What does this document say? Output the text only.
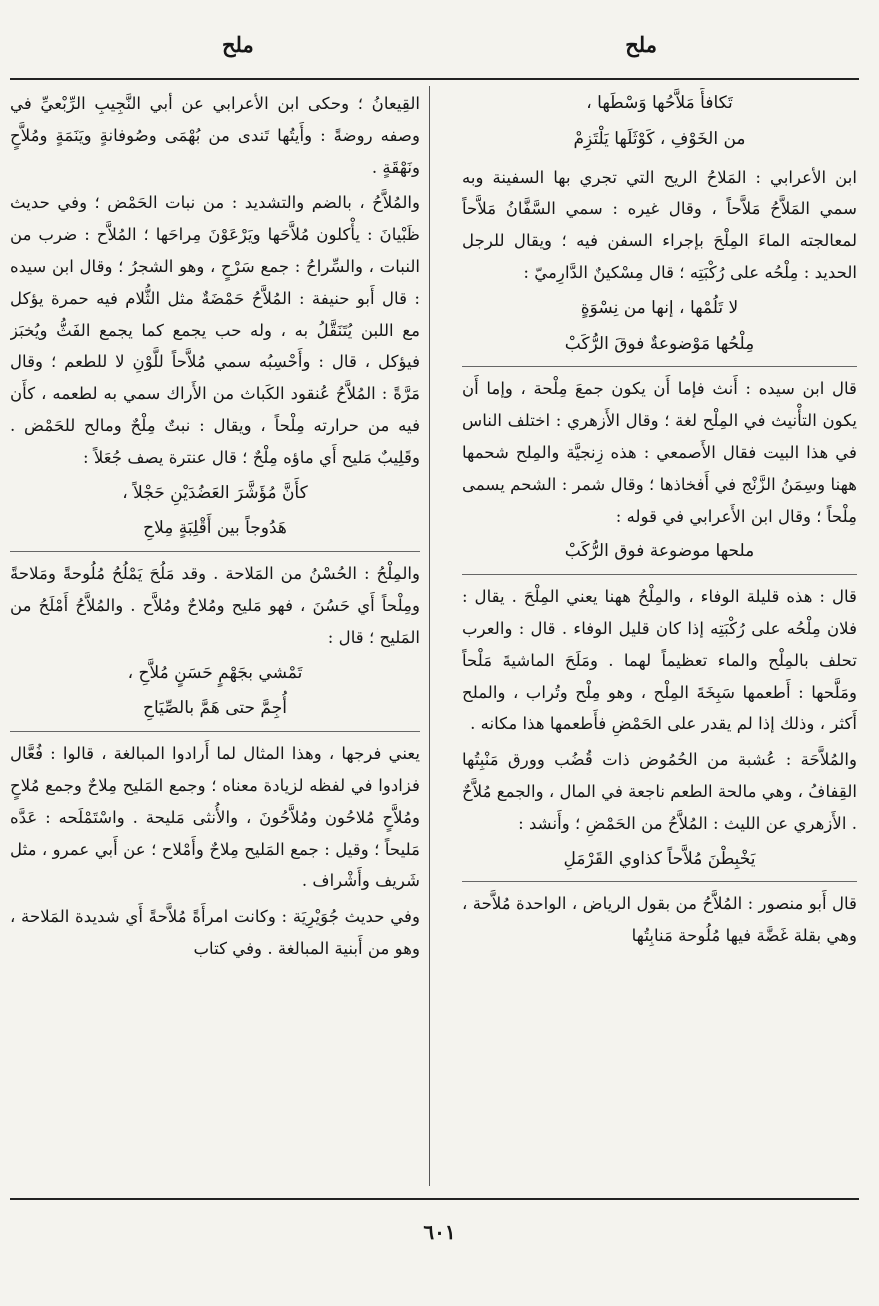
ملح
ملح

تَكافأً مَلاَّحُها وَسْطَها ،

من الخَوْفِ ، كَوْثَلَها يَلْتَزِمْ

ابن الأعرابي : المَلاحُ الريح التي تجري بها السفينة وبه سمي المَلاَّحُ مَلاَّحاً ، وقال غيره : سمي السَّفَّانُ مَلاَّحاً لمعالجته الماءَ المِلْحَ بإجراء السفن فيه ؛ ويقال للرجل الحديد : مِلْحُه على رُكْبَتِه ؛ قال مِسْكينٌ الدَّارِميّ :

لا تَلُمْها ، إنها من نِسْوَةٍ

مِلْحُها مَوْضوعةٌ فوقَ الرُّكَبْ

قال ابن سيده : أَنث فإما أَن يكون جمعَ مِلْحة ، وإما أَن يكون التأْنيث في المِلْح لغة ؛ وقال الأَزهري : اختلف الناس في هذا البيت فقال الأَصمعي : هذه زِنجيَّة والمِلح شحمها ههنا وسِمَنُ الزَّنْج في أَفخاذها ؛ وقال شمر : الشحم يسمى مِلْحاً ؛ وقال ابن الأَعرابي في قوله :

ملحها موضوعة فوق الرُّكَبْ

قال : هذه قليلة الوفاء ، والمِلْحُ ههنا يعني المِلْحَ . يقال : فلان مِلْحُه على رُكْبَتِه إذا كان قليل الوفاء . قال : والعرب تحلف بالمِلْح والماء تعظيماً لهما . ومَلَحَ الماشيةَ مَلْحاً ومَلَّحها : أَطعمها سَبِخَةَ المِلْح ، وهو مِلْح وتُراب ، والملح أَكثر ، وذلك إذا لم يقدر على الحَمْضِ فأَطعمها هذا مكانه .

والمُلاَّحَة : عُشبة من الحُمُوض ذات قُضُب وورق مَنْبِتُها القِفافُ ، وهي مالحة الطعم ناجعة في المال ، والجمع مُلاَّحٌ . الأَزهري عن الليث : المُلاَّحُ من الحَمْضِ ؛ وأَنشد :

يَخْبِطْنَ مُلاَّحاً كذاوي القَرْمَلِ

قال أَبو منصور : المُلاَّحُ من بقول الرياض ، الواحدة مُلاَّحة ، وهي بقلة غَضَّة فيها مُلُوحة مَنابِتُها

القِيعانُ ؛ وحكى ابن الأعرابي عن أبي النَّجِيبِ الرِّبْعيِّ في وصفه روضةً : وأَيتُها تَندى من بُهْمَى وصُوفانةٍ ويَنَمَةٍ ومُلاَّحٍ ونَهْقَةٍ .

والمُلاَّحُ ، بالضم والتشديد : من نبات الحَمْض ؛ وفي حديث ظَبْيانَ : يأْكلون مُلاَّحَها ويَرْعَوْنَ مِراحَها ؛ المُلاَّح : ضرب من النبات ، والسِّراحُ : جمع سَرْحٍ ، وهو الشجرُ ؛ وقال ابن سيده : قال أَبو حنيفة : المُلاَّحُ حَمْضَةٌ مثل الثُّلام فيه حمرة يؤكل مع اللبن يُتَنَقَّلُ به ، وله حب يجمع كما يجمع الفَثُّ ويُخبَز فيؤكل ، قال : وأَحْسِبُه سمي مُلاَّحاً للَّوْنِ لا للطعم ؛ وقال مَرَّةً : المُلاَّحُ عُنقود الكَباث من الأَراك سمي به لطعمه ، كأَن فيه من حرارته مِلْحاً ، ويقال : نبتٌ مِلْحٌ ومالح للحَمْض . وقَلِيبٌ مَليح أَي ماؤه مِلْحٌ ؛ قال عنترة يصف جُعَلاً :

كأَنَّ مُؤَشَّرَ العَضُدَيْنِ حَجْلاً ،

هَدُوجاً بين أَقْلِبَةٍ مِلاحِ

والمِلْحُ : الحُسْنُ من المَلاحة . وقد مَلُحَ يَمْلُحُ مُلُوحةً ومَلاحةً ومِلْحاً أَي حَسُنَ ، فهو مَليح ومُلاحٌ ومُلاَّح . والمُلاَّحُ أَمْلَحُ من المَليح ؛ قال :

تَمْشي بجَهْمٍ حَسَنٍ مُلاَّحِ ،

أُجِمَّ حتى هَمَّ بالصِّيَاحِ

يعني فرجها ، وهذا المثال لما أَرادوا المبالغة ، قالوا : فُعَّال فزادوا في لفظه لزيادة معناه ؛ وجمع المَليح مِلاحٌ وجمع مُلاحٍ ومُلاَّحٍ مُلاحُون ومُلاَّحُونَ ، والأُنثى مَليحة . واسْتَمْلَحه : عَدَّه مَليحاً ؛ وقيل : جمع المَليح مِلاحٌ وأَمْلاح ؛ عن أَبي عمرو ، مثل شَريف وأَشْراف .

وفي حديث جُوَيْرِيَة : وكانت امرأَةً مُلاَّحةً أَي شديدة المَلاحة ، وهو من أَبنية المبالغة . وفي كتاب

٦٠١
